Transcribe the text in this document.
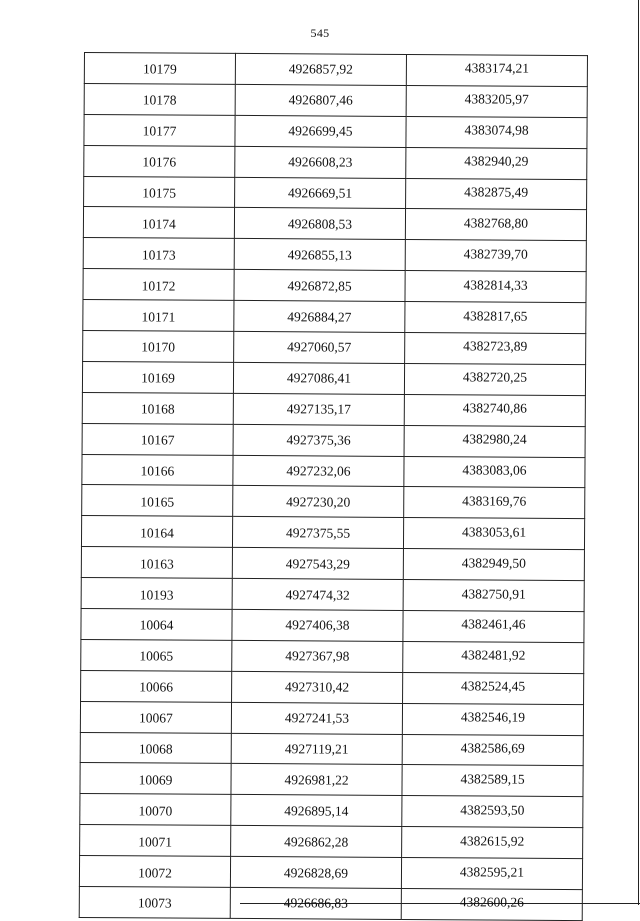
545
10179	4926857,92	4383174,21
10178	4926807,46	4383205,97
10177	4926699,45	4383074,98
10176	4926608,23	4382940,29
10175	4926669,51	4382875,49
10174	4926808,53	4382768,80
10173	4926855,13	4382739,70
10172	4926872,85	4382814,33
10171	4926884,27	4382817,65
10170	4927060,57	4382723,89
10169	4927086,41	4382720,25
10168	4927135,17	4382740,86
10167	4927375,36	4382980,24
10166	4927232,06	4383083,06
10165	4927230,20	4383169,76
10164	4927375,55	4383053,61
10163	4927543,29	4382949,50
10193	4927474,32	4382750,91
10064	4927406,38	4382461,46
10065	4927367,98	4382481,92
10066	4927310,42	4382524,45
10067	4927241,53	4382546,19
10068	4927119,21	4382586,69
10069	4926981,22	4382589,15
10070	4926895,14	4382593,50
10071	4926862,28	4382615,92
10072	4926828,69	4382595,21
10073	4926686,83	4382600,26
